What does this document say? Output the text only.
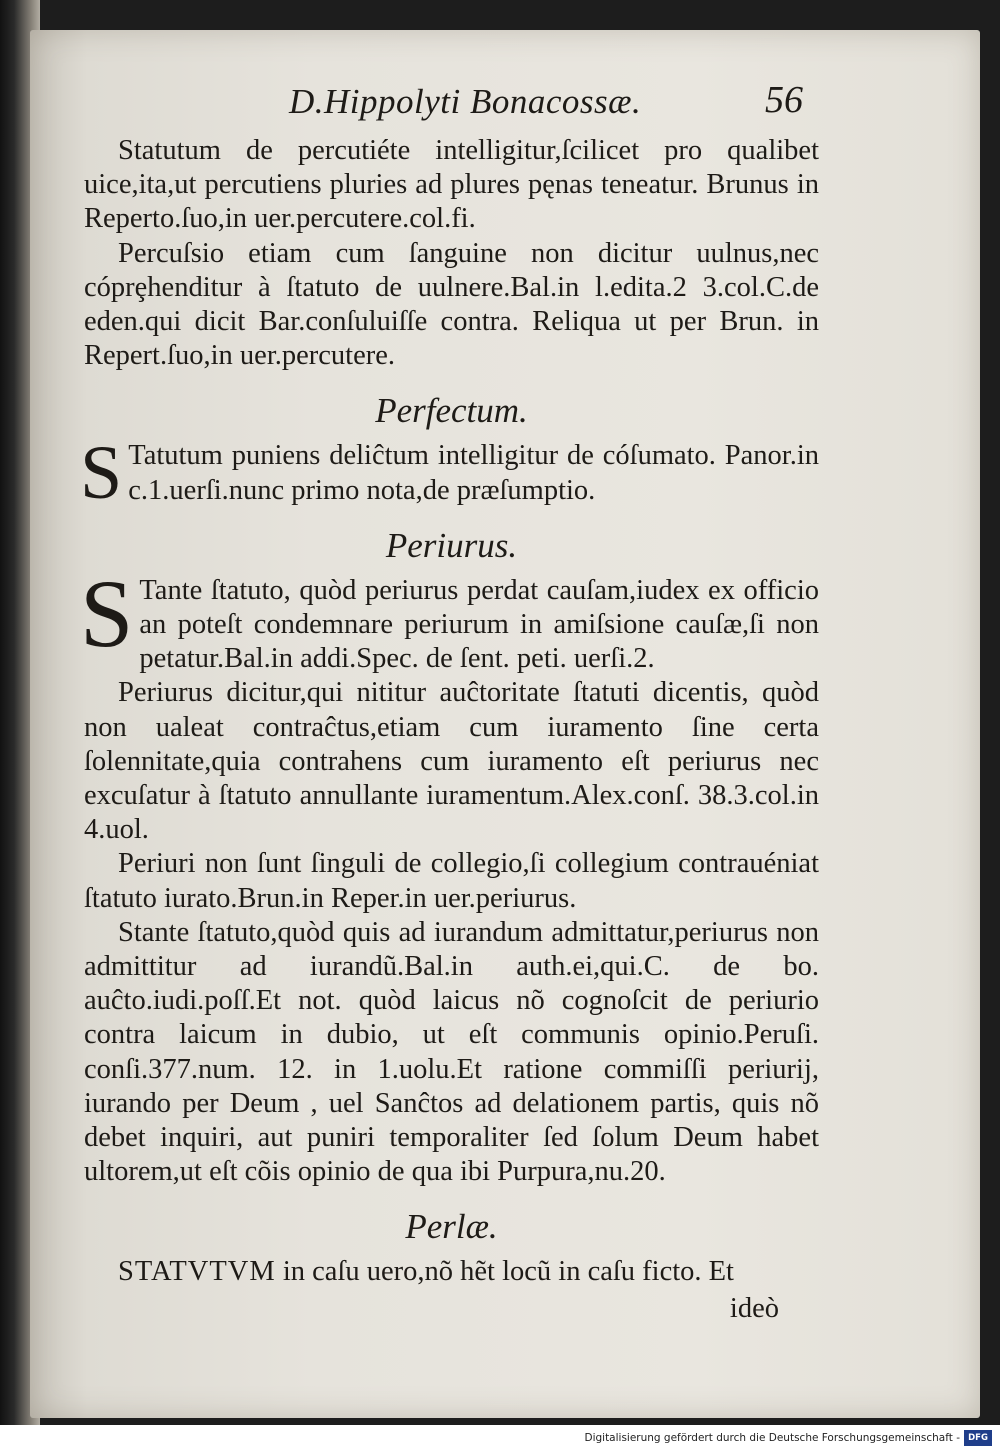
D.Hippolyti Bonacossæ.	56

Statutum de percutiéte intelligitur,ſcilicet pro qualibet uice,ita,ut percutiens pluries ad plures pęnas teneatur. Brunus in Reperto.ſuo,in uer.percutere.col.fi.

Percuſsio etiam cum ſanguine non dicitur uulnus,nec cóprȩhenditur à ſtatuto de uulnere.Bal.in l.edita.2 3.col.C.de eden.qui dicit Bar.conſuluiſſe contra. Reliqua ut per Brun. in Repert.ſuo,in uer.percutere.

Perfectum.

S Tatutum puniens deliĉtum intelligitur de cóſumato. Panor.in c.1.uerſi.nunc primo nota,de præſumptio.

Periurus.

S Tante ſtatuto, quòd periurus perdat cauſam,iudex ex officio an poteſt condemnare periurum in amiſsione cauſæ,ſi non petatur.Bal.in addi.Spec. de ſent. peti. uerſi.2.

Periurus dicitur,qui nititur auĉtoritate ſtatuti dicentis, quòd non ualeat contraĉtus,etiam cum iuramento ſine certa ſolennitate,quia contrahens cum iuramento eſt periurus nec excuſatur à ſtatuto annullante iuramentum.Alex.conſ. 38.3.col.in 4.uol.

Periuri non ſunt ſinguli de collegio,ſi collegium contrauéniat ſtatuto iurato.Brun.in Reper.in uer.periurus.

Stante ſtatuto,quòd quis ad iurandum admittatur,periurus non admittitur ad iurandũ.Bal.in auth.ei,qui.C. de bo. auĉto.iudi.poſſ.Et not. quòd laicus nõ cognoſcit de periurio contra laicum in dubio, ut eſt communis opinio.Peruſi. conſi.377.num. 12. in 1.uolu.Et ratione commiſſi periurij, iurando per Deum , uel Sanĉtos ad delationem partis, quis nõ debet inquiri, aut puniri temporaliter ſed ſolum Deum habet ultorem,ut eſt cõis opinio de qua ibi Purpura,nu.20.

Perlæ.

STATVTVM in caſu uero,nõ hẽt locũ in caſu ficto. Et

ideò
Digitalisierung gefördert durch die Deutsche Forschungsgemeinschaft - DFG
